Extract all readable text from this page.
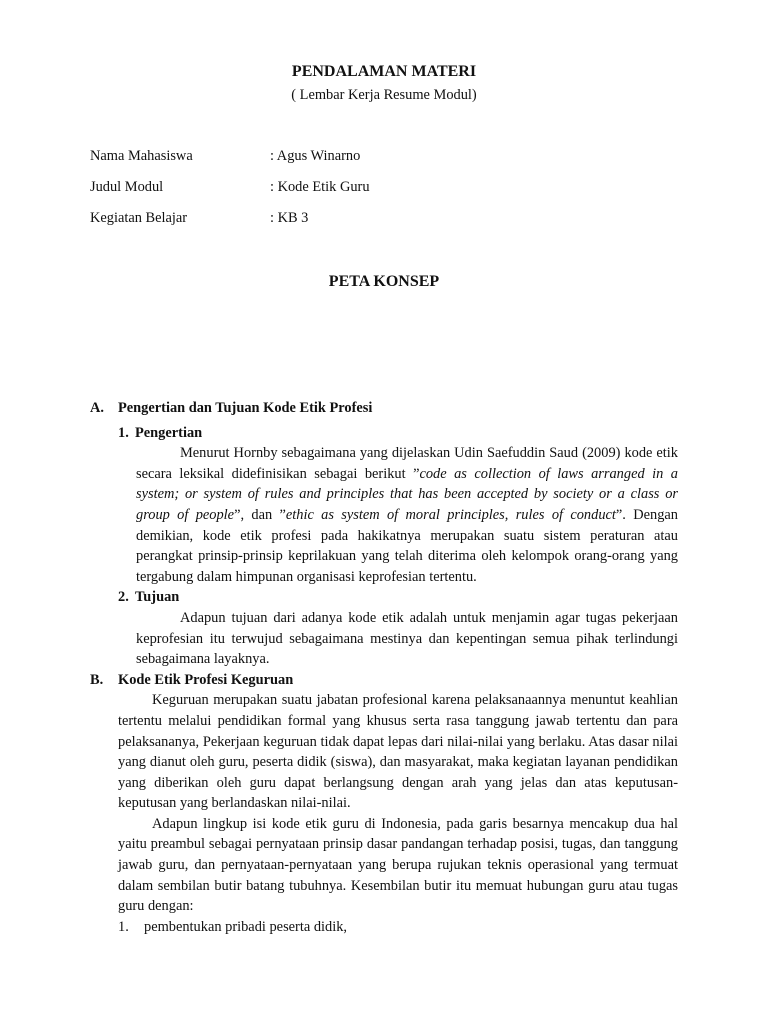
PENDALAMAN MATERI
( Lembar Kerja Resume Modul)
Nama Mahasiswa	: Agus Winarno
Judul Modul	: Kode Etik Guru
Kegiatan Belajar	: KB 3
PETA KONSEP
A. Pengertian dan Tujuan Kode Etik Profesi
1. Pengertian

Menurut Hornby sebagaimana yang dijelaskan Udin Saefuddin Saud (2009) kode etik secara leksikal didefinisikan sebagai berikut ”code as collection of laws arranged in a system; or system of rules and principles that has been accepted by society or a class or group of people”, dan ”ethic as system of moral principles, rules of conduct”. Dengan demikian, kode etik profesi pada hakikatnya merupakan suatu sistem peraturan atau perangkat prinsip-prinsip keprilakuan yang telah diterima oleh kelompok orang-orang yang tergabung dalam himpunan organisasi keprofesian tertentu.

2. Tujuan

Adapun tujuan dari adanya kode etik adalah untuk menjamin agar tugas pekerjaan keprofesian itu terwujud sebagaimana mestinya dan kepentingan semua pihak terlindungi sebagaimana layaknya.

B. Kode Etik Profesi Keguruan

Keguruan merupakan suatu jabatan profesional karena pelaksanaannya menuntut keahlian tertentu melalui pendidikan formal yang khusus serta rasa tanggung jawab tertentu dan para pelaksananya, Pekerjaan keguruan tidak dapat lepas dari nilai-nilai yang berlaku. Atas dasar nilai yang dianut oleh guru, peserta didik (siswa), dan masyarakat, maka kegiatan layanan pendidikan yang diberikan oleh guru dapat berlangsung dengan arah yang jelas dan atas keputusan-keputusan yang berlandaskan nilai-nilai.

Adapun lingkup isi kode etik guru di Indonesia, pada garis besarnya mencakup dua hal yaitu preambul sebagai pernyataan prinsip dasar pandangan terhadap posisi, tugas, dan tanggung jawab guru, dan pernyataan-pernyataan yang berupa rujukan teknis operasional yang termuat dalam sembilan butir batang tubuhnya. Kesembilan butir itu memuat hubungan guru atau tugas guru dengan:

1. pembentukan pribadi peserta didik,
